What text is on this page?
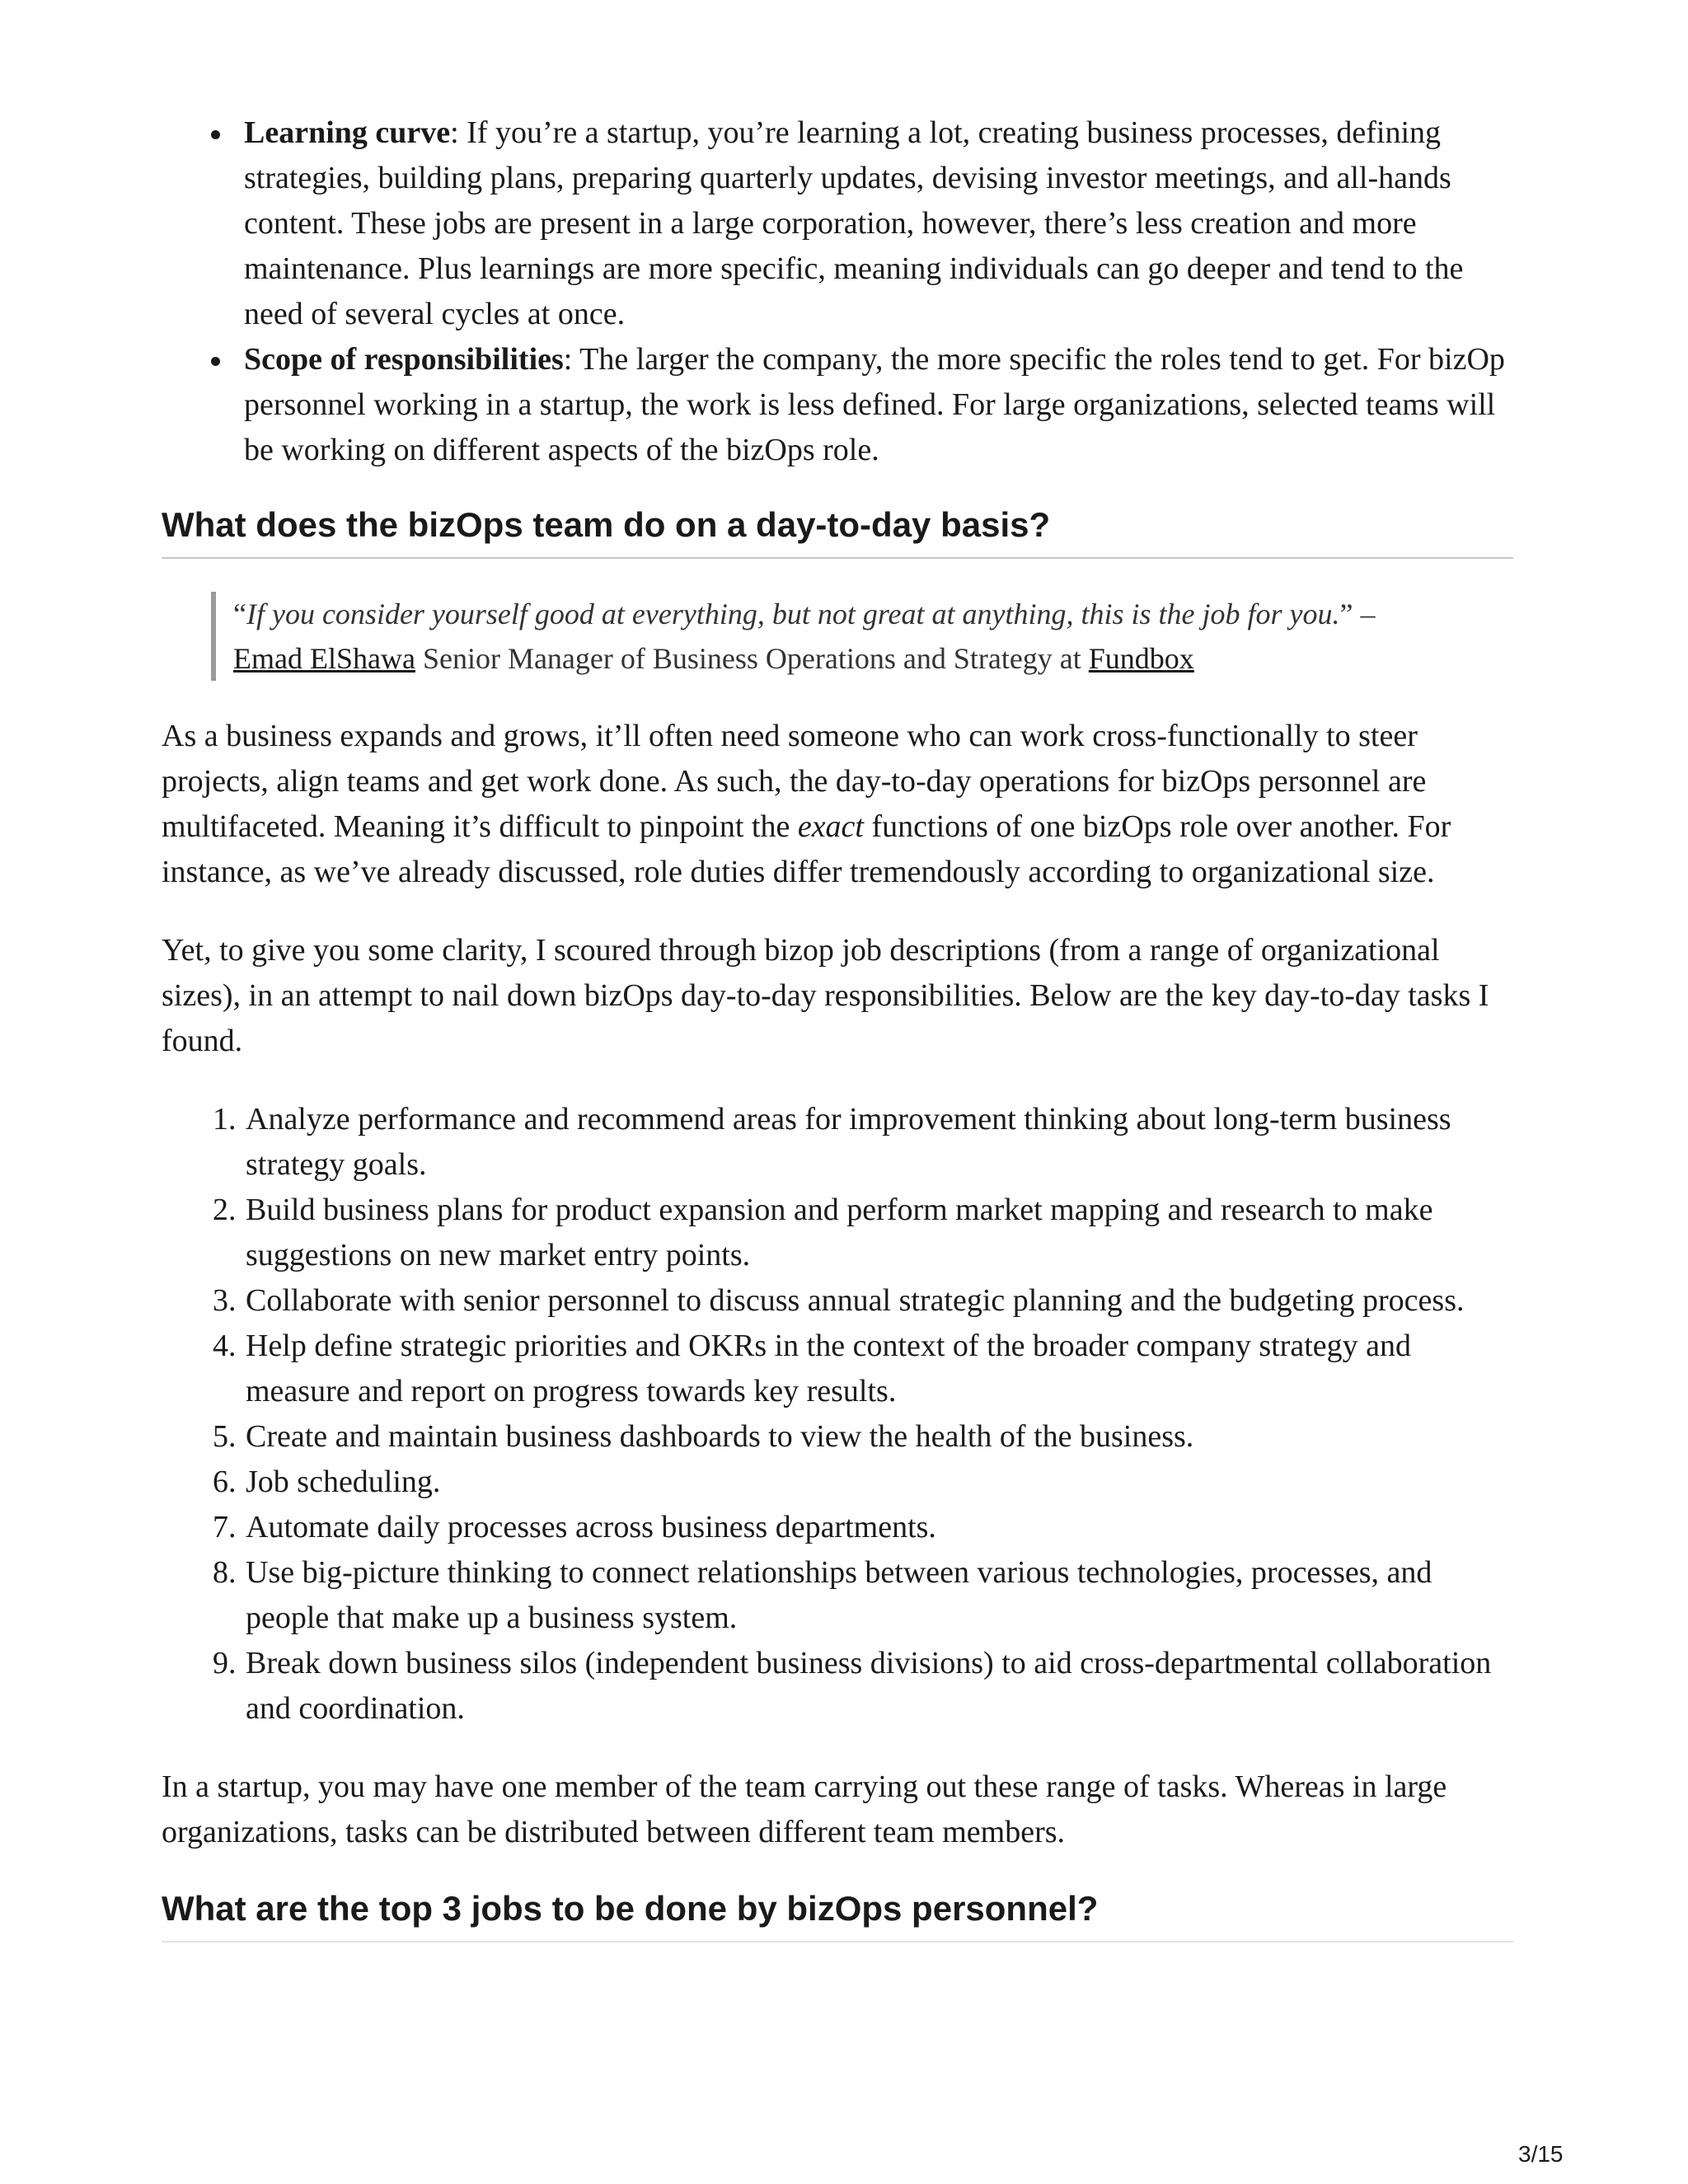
Learning curve: If you’re a startup, you’re learning a lot, creating business processes, defining strategies, building plans, preparing quarterly updates, devising investor meetings, and all-hands content. These jobs are present in a large corporation, however, there’s less creation and more maintenance. Plus learnings are more specific, meaning individuals can go deeper and tend to the need of several cycles at once.
Scope of responsibilities: The larger the company, the more specific the roles tend to get. For bizOp personnel working in a startup, the work is less defined. For large organizations, selected teams will be working on different aspects of the bizOps role.
What does the bizOps team do on a day-to-day basis?

“If you consider yourself good at everything, but not great at anything, this is the job for you.” –
Emad ElShawa Senior Manager of Business Operations and Strategy at Fundbox

As a business expands and grows, it’ll often need someone who can work cross-functionally to steer projects, align teams and get work done. As such, the day-to-day operations for bizOps personnel are multifaceted. Meaning it’s difficult to pinpoint the exact functions of one bizOps role over another. For instance, as we’ve already discussed, role duties differ tremendously according to organizational size.

Yet, to give you some clarity, I scoured through bizop job descriptions (from a range of organizational sizes), in an attempt to nail down bizOps day-to-day responsibilities. Below are the key day-to-day tasks I found.

1. Analyze performance and recommend areas for improvement thinking about long-term business strategy goals.
2. Build business plans for product expansion and perform market mapping and research to make suggestions on new market entry points.
3. Collaborate with senior personnel to discuss annual strategic planning and the budgeting process.
4. Help define strategic priorities and OKRs in the context of the broader company strategy and measure and report on progress towards key results.
5. Create and maintain business dashboards to view the health of the business.
6. Job scheduling.
7. Automate daily processes across business departments.
8. Use big-picture thinking to connect relationships between various technologies, processes, and people that make up a business system.
9. Break down business silos (independent business divisions) to aid cross-departmental collaboration and coordination.

In a startup, you may have one member of the team carrying out these range of tasks. Whereas in large organizations, tasks can be distributed between different team members.

What are the top 3 jobs to be done by bizOps personnel?
3/15
